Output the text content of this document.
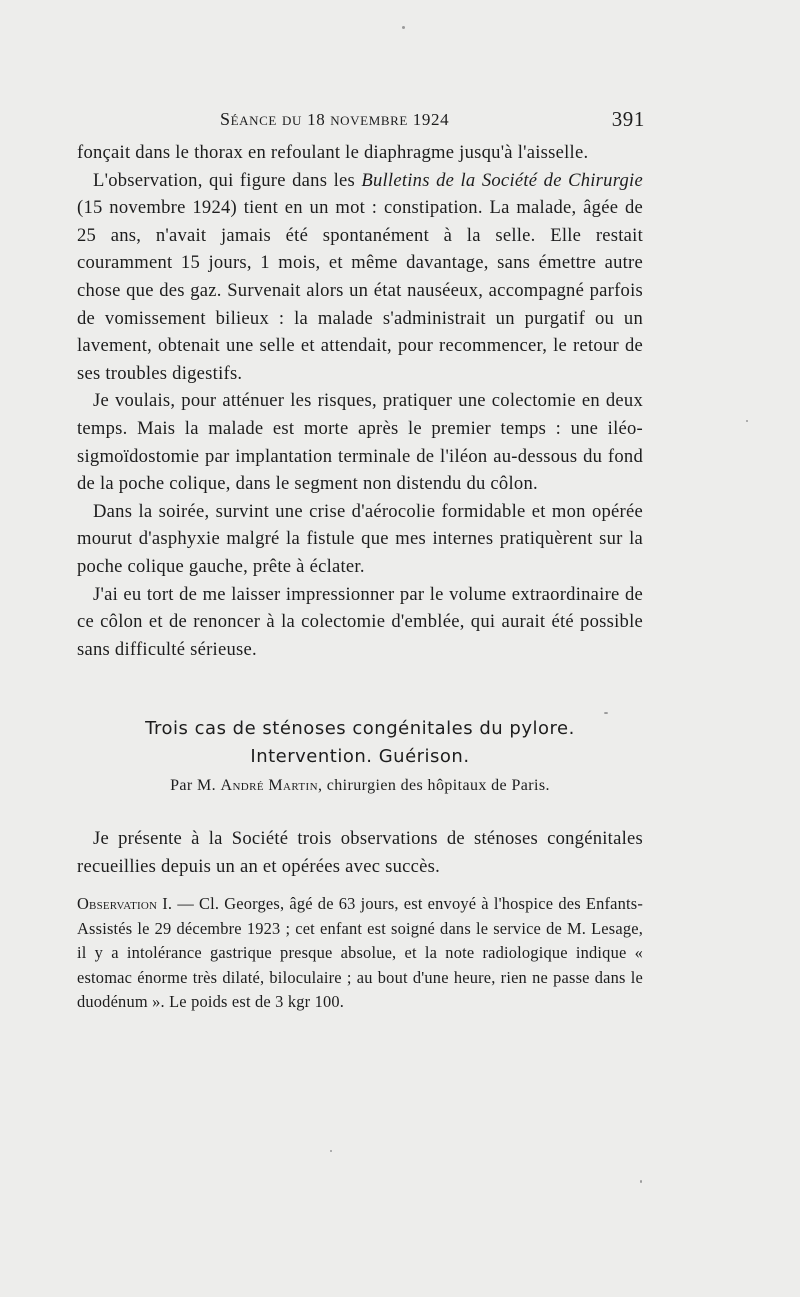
Séance du 18 novembre 1924	391

fonçait dans le thorax en refoulant le diaphragme jusqu'à l'aisselle.

L'observation, qui figure dans les Bulletins de la Société de Chirurgie (15 novembre 1924) tient en un mot : constipation. La malade, âgée de 25 ans, n'avait jamais été spontanément à la selle. Elle restait couramment 15 jours, 1 mois, et même davantage, sans émettre autre chose que des gaz. Survenait alors un état nauséeux, accompagné parfois de vomissement bilieux : la malade s'administrait un purgatif ou un lavement, obtenait une selle et attendait, pour recommencer, le retour de ses troubles digestifs.

Je voulais, pour atténuer les risques, pratiquer une colectomie en deux temps. Mais la malade est morte après le premier temps : une iléo-sigmoïdostomie par implantation terminale de l'iléon au-dessous du fond de la poche colique, dans le segment non distendu du côlon.

Dans la soirée, survint une crise d'aérocolie formidable et mon opérée mourut d'asphyxie malgré la fistule que mes internes pratiquèrent sur la poche colique gauche, prête à éclater.

J'ai eu tort de me laisser impressionner par le volume extraordinaire de ce côlon et de renoncer à la colectomie d'emblée, qui aurait été possible sans difficulté sérieuse.

Trois cas de sténoses congénitales du pylore.
Intervention. Guérison.
Par M. André Martin, chirurgien des hôpitaux de Paris.

Je présente à la Société trois observations de sténoses congénitales recueillies depuis un an et opérées avec succès.

Observation I. — Cl. Georges, âgé de 63 jours, est envoyé à l'hospice des Enfants-Assistés le 29 décembre 1923 ; cet enfant est soigné dans le service de M. Lesage, il y a intolérance gastrique presque absolue, et la note radiologique indique « estomac énorme très dilaté, biloculaire ; au bout d'une heure, rien ne passe dans le duodénum ». Le poids est de 3 kgr 100.
